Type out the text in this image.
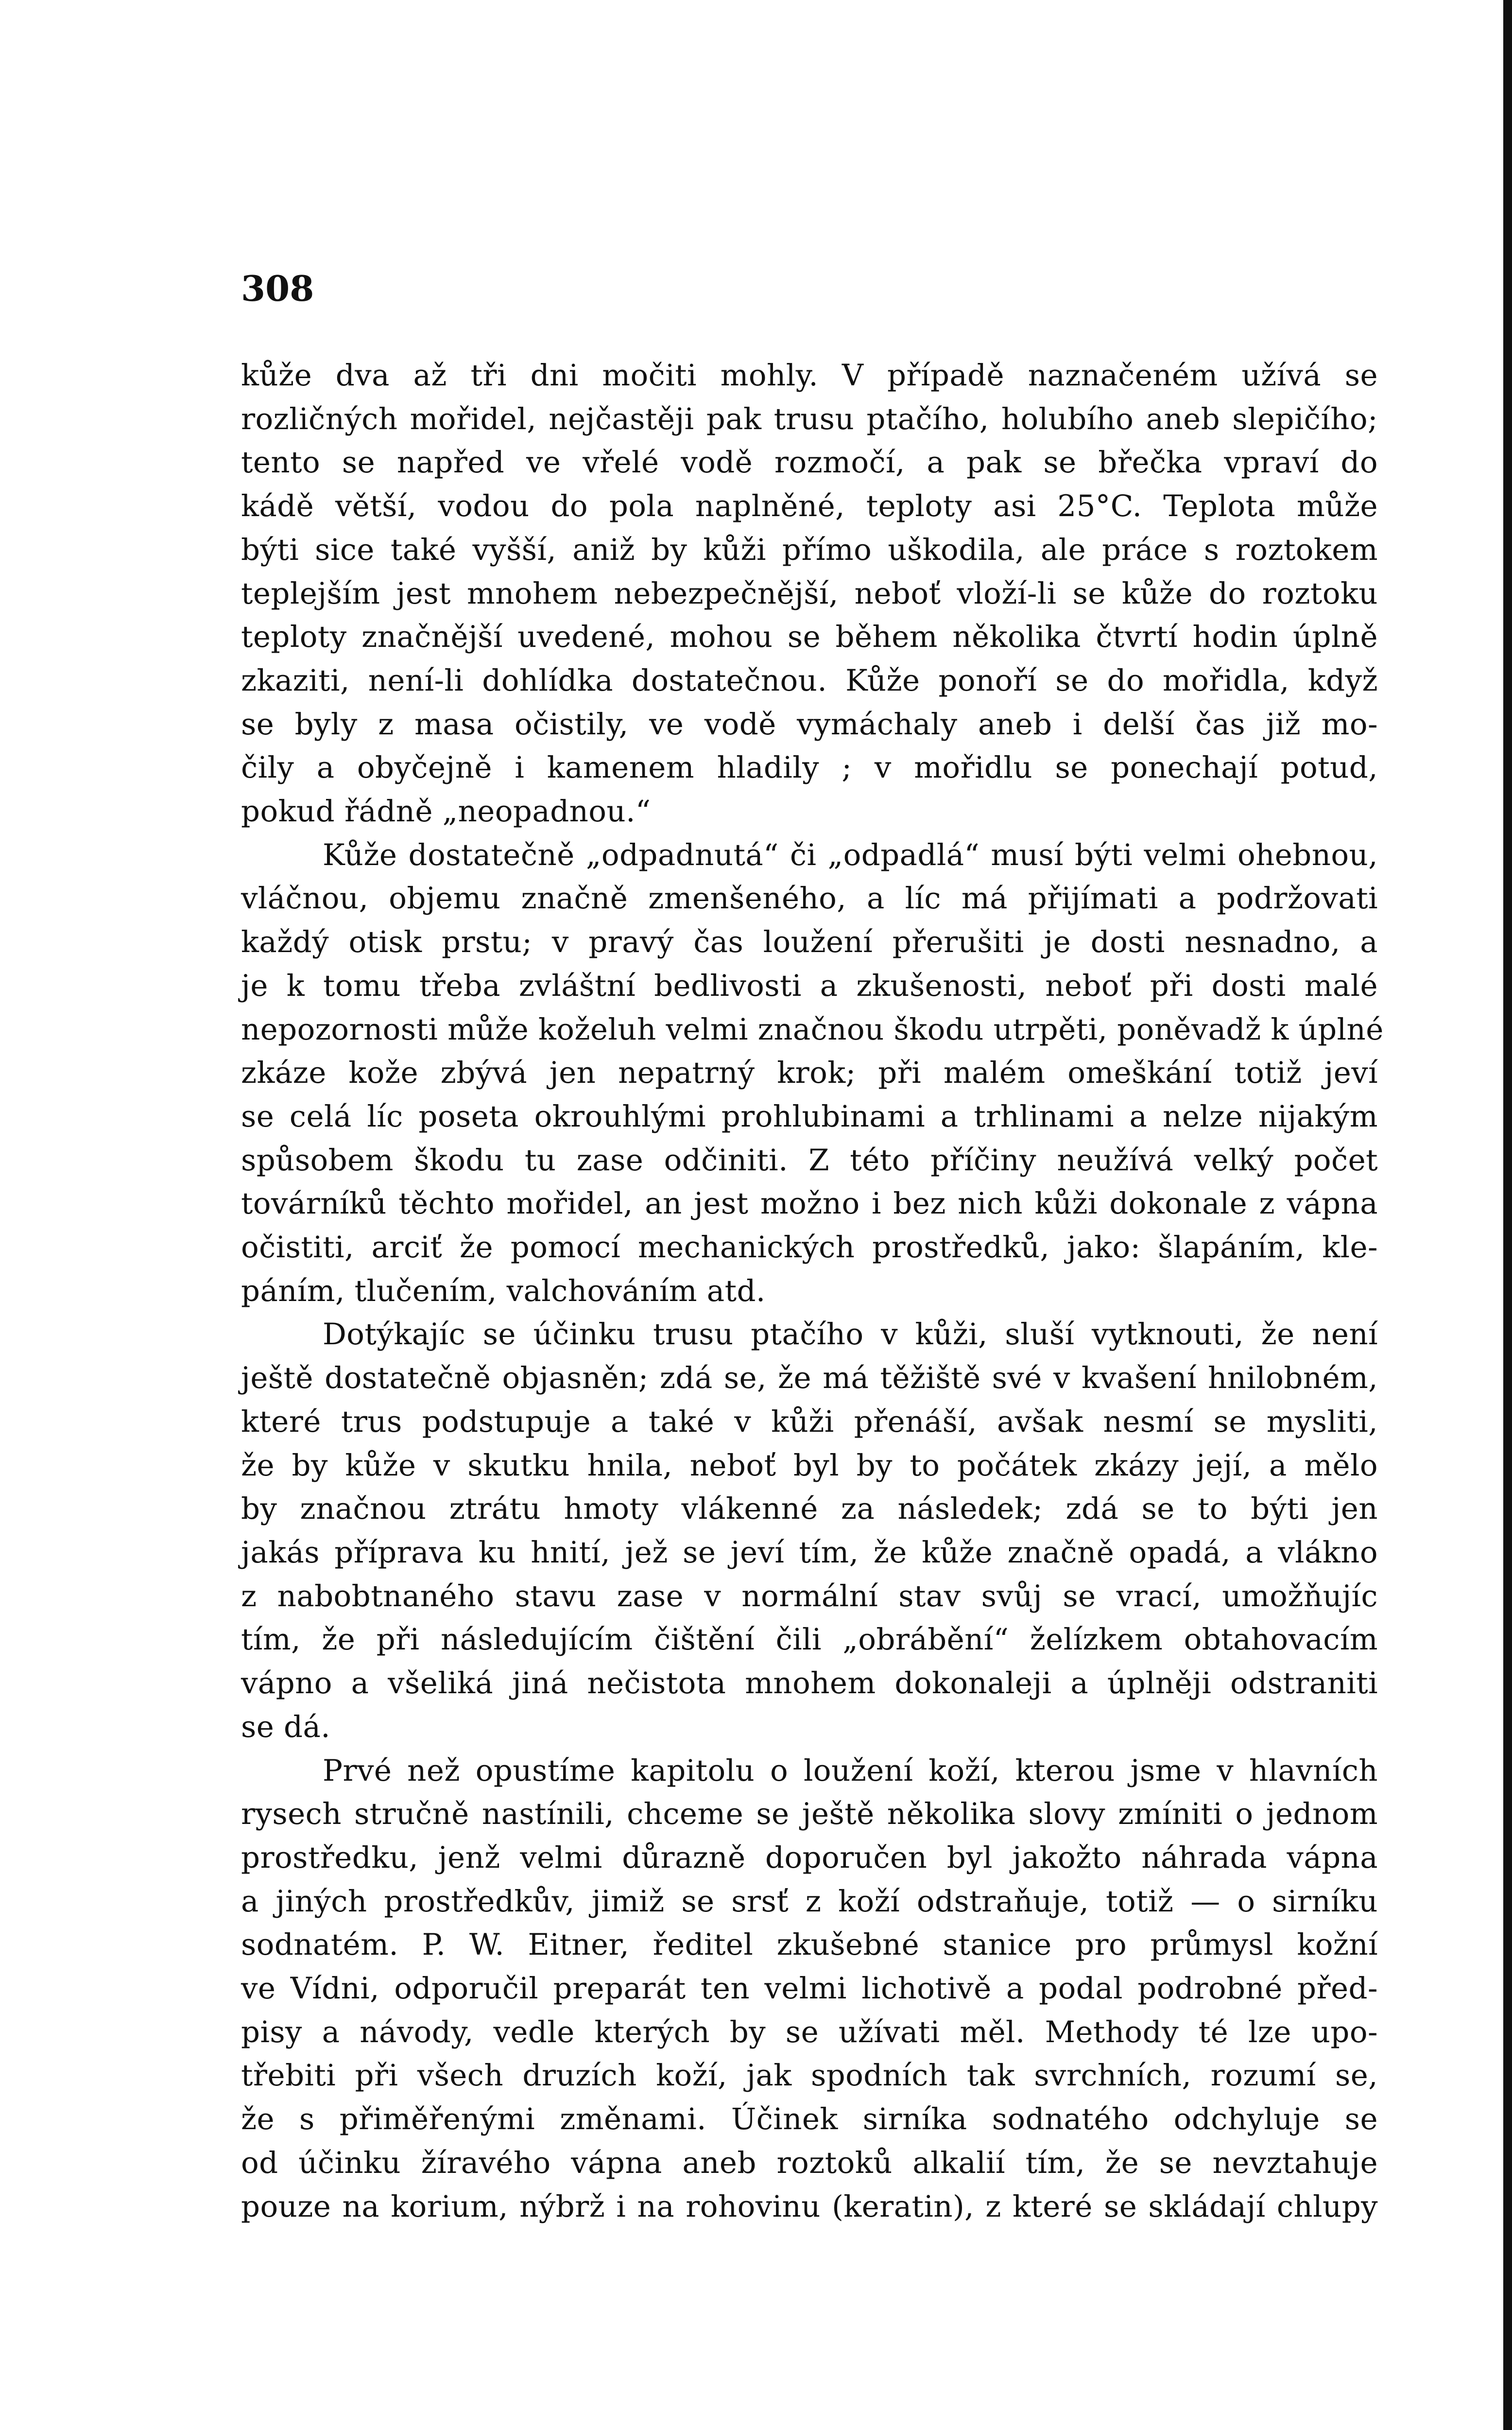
308
kůže dva až tři dni močiti mohly. V případě naznačeném užívá se
rozličných mořidel, nejčastěji pak trusu ptačího, holubího aneb slepičího;
tento se napřed ve vřelé vodě rozmočí, a pak se břečka vpraví do
kádě větší, vodou do pola naplněné, teploty asi 25°C. Teplota může
býti sice také vyšší, aniž by kůži přímo uškodila, ale práce s roztokem
teplejším jest mnohem nebezpečnější, neboť vloží-li se kůže do roztoku
teploty značnější uvedené, mohou se během několika čtvrtí hodin úplně
zkaziti, není-li dohlídka dostatečnou. Kůže ponoří se do mořidla, když
se byly z masa očistily, ve vodě vymáchaly aneb i delší čas již mo-
čily a obyčejně i kamenem hladily ; v mořidlu se ponechají potud,
pokud řádně „neopadnou.“
Kůže dostatečně „odpadnutá“ či „odpadlá“ musí býti velmi ohebnou,
vláčnou, objemu značně zmenšeného, a líc má přijímati a podržovati
každý otisk prstu; v pravý čas loužení přerušiti je dosti nesnadno, a
je k tomu třeba zvláštní bedlivosti a zkušenosti, neboť při dosti malé
nepozornosti může koželuh velmi značnou škodu utrpěti, poněvadž k úplné
zkáze kože zbývá jen nepatrný krok; při malém omeškání totiž jeví
se celá líc poseta okrouhlými prohlubinami a trhlinami a nelze nijakým
spůsobem škodu tu zase odčiniti. Z této příčiny neužívá velký počet
továrníků těchto mořidel, an jest možno i bez nich kůži dokonale z vápna
očistiti, arciť že pomocí mechanických prostředků, jako: šlapáním, kle-
páním, tlučením, valchováním atd.
Dotýkajíc se účinku trusu ptačího v kůži, sluší vytknouti, že není
ještě dostatečně objasněn; zdá se, že má těžiště své v kvašení hnilobném,
které trus podstupuje a také v kůži přenáší, avšak nesmí se mysliti,
že by kůže v skutku hnila, neboť byl by to počátek zkázy její, a mělo
by značnou ztrátu hmoty vlákenné za následek; zdá se to býti jen
jakás příprava ku hnití, jež se jeví tím, že kůže značně opadá, a vlákno
z nabobtnaného stavu zase v normální stav svůj se vrací, umožňujíc
tím, že při následujícím čištění čili „obrábění“ želízkem obtahovacím
vápno a všeliká jiná nečistota mnohem dokonaleji a úplněji odstraniti
se dá.
Prvé než opustíme kapitolu o loužení koží, kterou jsme v hlavních
rysech stručně nastínili, chceme se ještě několika slovy zmíniti o jednom
prostředku, jenž velmi důrazně doporučen byl jakožto náhrada vápna
a jiných prostředkův, jimiž se srsť z koží odstraňuje, totiž — o sirníku
sodnatém. P. W. Eitner, ředitel zkušebné stanice pro průmysl kožní
ve Vídni, odporučil preparát ten velmi lichotivě a podal podrobné před-
pisy a návody, vedle kterých by se užívati měl. Methody té lze upo-
třebiti při všech druzích koží, jak spodních tak svrchních, rozumí se,
že s přiměřenými změnami. Účinek sirníka sodnatého odchyluje se
od účinku žíravého vápna aneb roztoků alkalií tím, že se nevztahuje
pouze na korium, nýbrž i na rohovinu (keratin), z které se skládají chlupy
